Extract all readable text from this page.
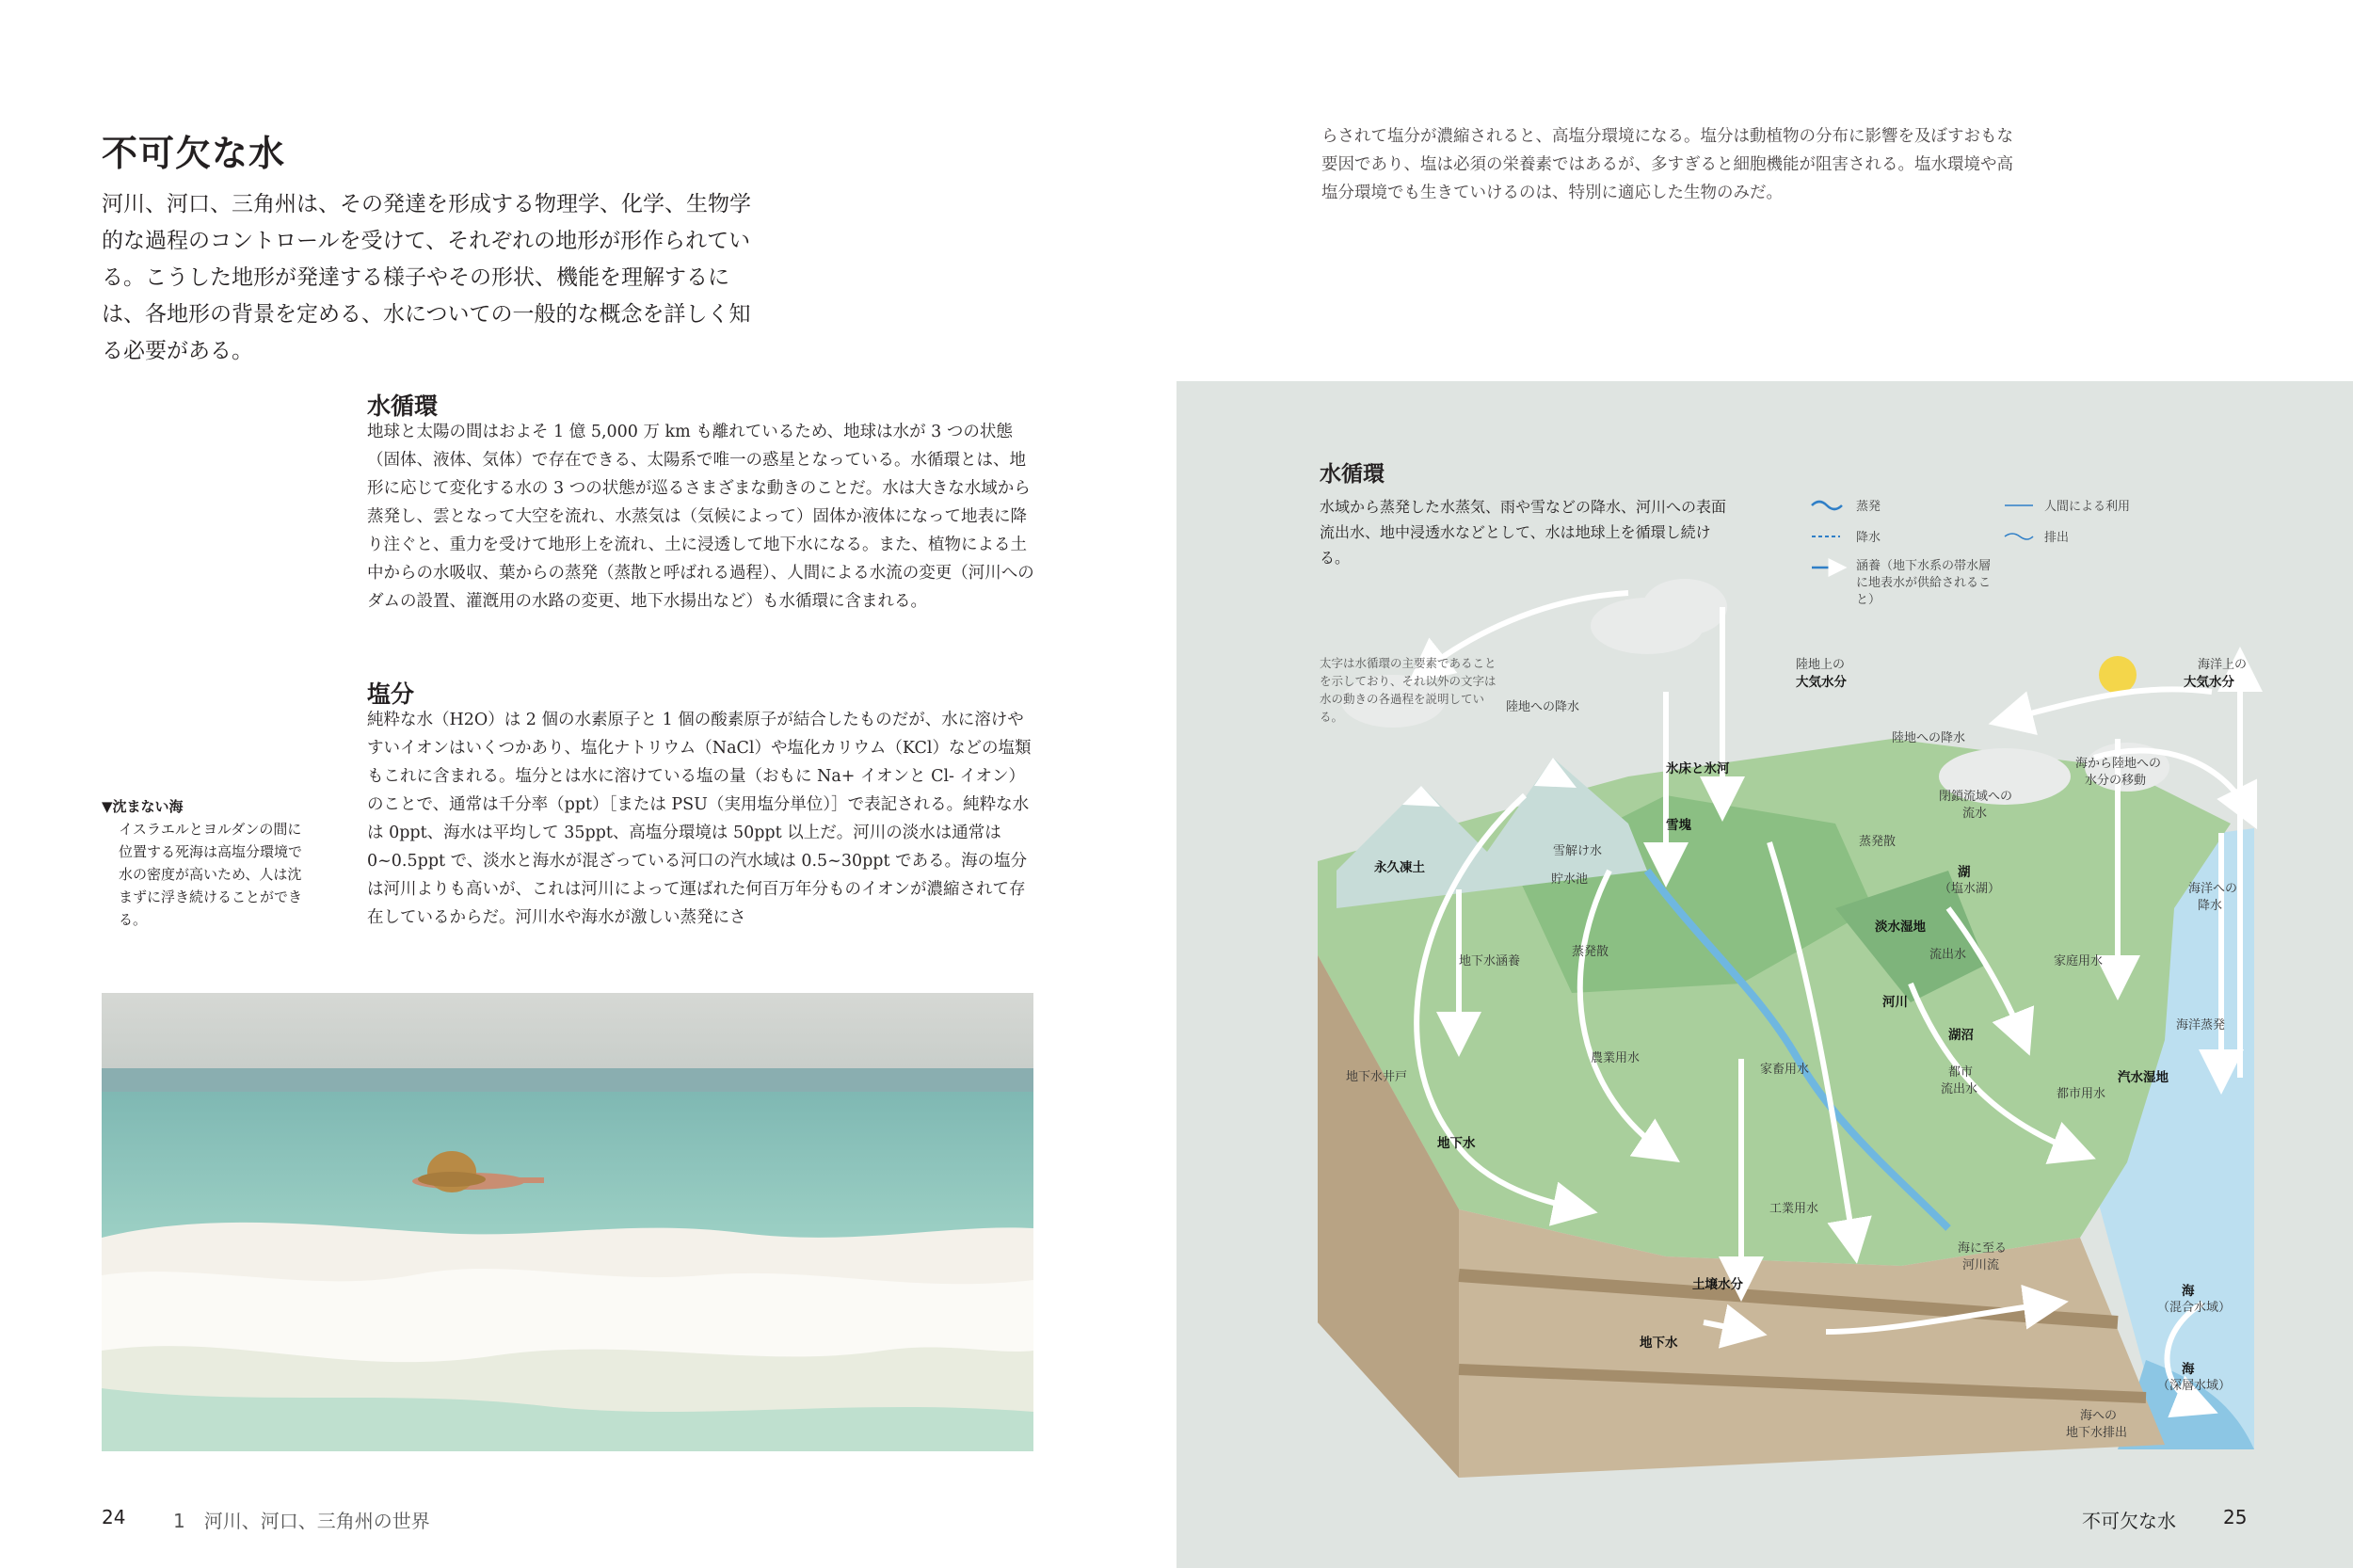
不可欠な水

河川、河口、三角州は、その発達を形成する物理学、化学、生物学的な過程のコントロールを受けて、それぞれの地形が形作られている。こうした地形が発達する様子やその形状、機能を理解するには、各地形の背景を定める、水についての一般的な概念を詳しく知る必要がある。

水循環

地球と太陽の間はおよそ 1 億 5,000 万 km も離れているため、地球は水が 3 つの状態（固体、液体、気体）で存在できる、太陽系で唯一の惑星となっている。水循環とは、地形に応じて変化する水の 3 つの状態が巡るさまざまな動きのことだ。水は大きな水域から蒸発し、雲となって大空を流れ、水蒸気は（気候によって）固体か液体になって地表に降り注ぐと、重力を受けて地形上を流れ、土に浸透して地下水になる。また、植物による土中からの水吸収、葉からの蒸発（蒸散と呼ばれる過程）、人間による水流の変更（河川へのダムの設置、灌漑用の水路の変更、地下水揚出など）も水循環に含まれる。

塩分

純粋な水（H2O）は 2 個の水素原子と 1 個の酸素原子が結合したものだが、水に溶けやすいイオンはいくつかあり、塩化ナトリウム（NaCl）や塩化カリウム（KCl）などの塩類もこれに含まれる。塩分とは水に溶けている塩の量（おもに Na+ イオンと Cl- イオン）のことで、通常は千分率（ppt）［または PSU（実用塩分単位）］で表記される。純粋な水は 0ppt、海水は平均して 35ppt、高塩分環境は 50ppt 以上だ。河川の淡水は通常は 0~0.5ppt で、淡水と海水が混ざっている河口の汽水域は 0.5~30ppt である。海の塩分は河川よりも高いが、これは河川によって運ばれた何百万年分ものイオンが濃縮されて存在しているからだ。河川水や海水が激しい蒸発にさ

▼沈まない海
イスラエルとヨルダンの間に位置する死海は高塩分環境で水の密度が高いため、人は沈まずに浮き続けることができる。
24	1　河川、河口、三角州の世界

らされて塩分が濃縮されると、高塩分環境になる。塩分は動植物の分布に影響を及ぼすおもな要因であり、塩は必須の栄養素ではあるが、多すぎると細胞機能が阻害される。塩水環境や高塩分環境でも生きていけるのは、特別に適応した生物のみだ。

水循環
水域から蒸発した水蒸気、雨や雪などの降水、河川への表面流出水、地中浸透水などとして、水は地球上を循環し続ける。
太字は水循環の主要素であることを示しており、それ以外の文字は水の動きの各過程を説明している。
蒸発
降水
涵養（地下水系の帯水層に地表水が供給されること）
人間による利用
排出
陸地上の
大気水分
海洋上の
大気水分
陸地への降水
陸地への降水
海から陸地への
水分の移動
氷床と氷河
雪塊
永久凍土
雪解け水
貯水池
地下水涵養
蒸発散
蒸発散
閉鎖流域への
流水
湖
（塩水湖）
淡水湿地
流出水
海洋への
降水
家庭用水
海洋蒸発
河川
地下水井戸
農業用水
家畜用水
湖沼
都市
流出水	都市用水
汽水湿地
地下水
工業用水
土壌水分
海に至る
河川流
地下水
海
（混合水域）
海
（深層水域）
海への
地下水排出
不可欠な水	25
